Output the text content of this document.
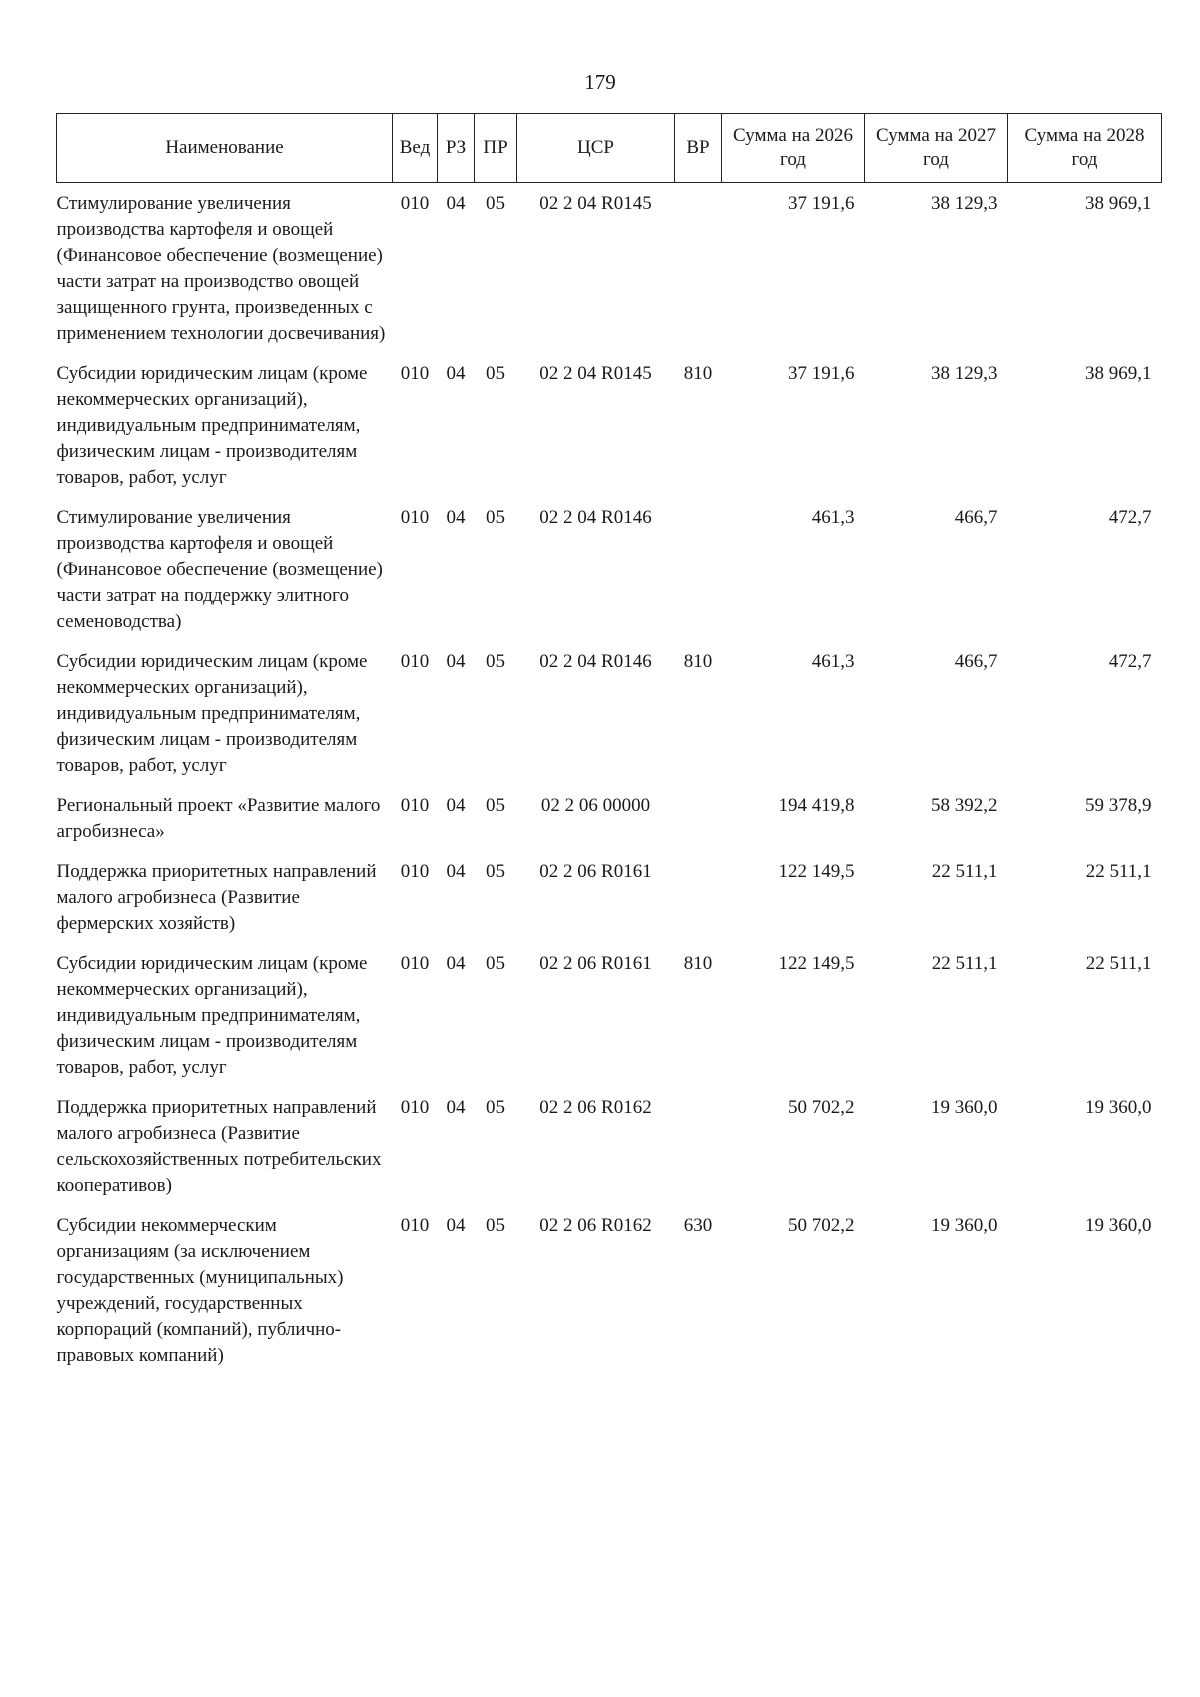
179
Наименование	Вед	РЗ	ПР	ЦСР	ВР	Сумма на 2026 год	Сумма на 2027 год	Сумма на 2028 год
Стимулирование увеличения производства картофеля и овощей (Финансовое обеспечение (возмещение) части затрат на производство овощей защищенного грунта, произведенных с применением технологии досвечивания)	010	04	05	02 2 04 R0145		37 191,6	38 129,3	38 969,1
Субсидии юридическим лицам (кроме некоммерческих организаций), индивидуальным предпринимателям, физическим лицам - производителям товаров, работ, услуг	010	04	05	02 2 04 R0145	810	37 191,6	38 129,3	38 969,1
Стимулирование увеличения производства картофеля и овощей (Финансовое обеспечение (возмещение) части затрат на поддержку элитного семеноводства)	010	04	05	02 2 04 R0146		461,3	466,7	472,7
Субсидии юридическим лицам (кроме некоммерческих организаций), индивидуальным предпринимателям, физическим лицам - производителям товаров, работ, услуг	010	04	05	02 2 04 R0146	810	461,3	466,7	472,7
Региональный проект «Развитие малого агробизнеса»	010	04	05	02 2 06 00000		194 419,8	58 392,2	59 378,9
Поддержка приоритетных направлений малого агробизнеса (Развитие фермерских хозяйств)	010	04	05	02 2 06 R0161		122 149,5	22 511,1	22 511,1
Субсидии юридическим лицам (кроме некоммерческих организаций), индивидуальным предпринимателям, физическим лицам - производителям товаров, работ, услуг	010	04	05	02 2 06 R0161	810	122 149,5	22 511,1	22 511,1
Поддержка приоритетных направлений малого агробизнеса (Развитие сельскохозяйственных потребительских кооперативов)	010	04	05	02 2 06 R0162		50 702,2	19 360,0	19 360,0
Субсидии некоммерческим организациям (за исключением государственных (муниципальных) учреждений, государственных корпораций (компаний), публично-правовых компаний)	010	04	05	02 2 06 R0162	630	50 702,2	19 360,0	19 360,0
